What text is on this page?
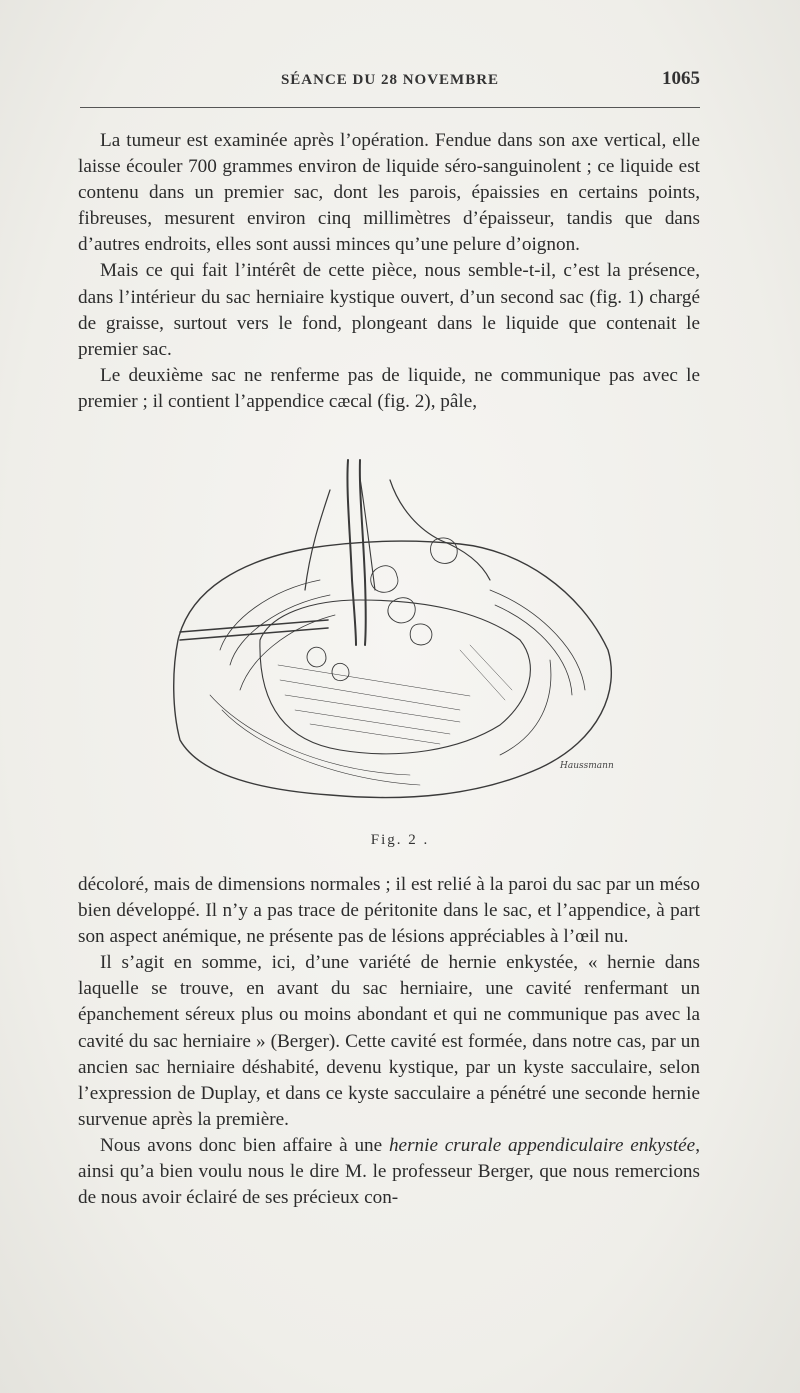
SÉANCE DU 28 NOVEMBRE	1065

La tumeur est examinée après l’opération. Fendue dans son axe vertical, elle laisse écouler 700 grammes environ de liquide séro-sanguinolent ; ce liquide est contenu dans un premier sac, dont les parois, épaissies en certains points, fibreuses, mesurent environ cinq millimètres d’épaisseur, tandis que dans d’autres endroits, elles sont aussi minces qu’une pelure d’oignon.

Mais ce qui fait l’intérêt de cette pièce, nous semble-t-il, c’est la présence, dans l’intérieur du sac herniaire kystique ouvert, d’un second sac (fig. 1) chargé de graisse, surtout vers le fond, plongeant dans le liquide que contenait le premier sac.

Le deuxième sac ne renferme pas de liquide, ne communique pas avec le premier ; il contient l’appendice cæcal (fig. 2), pâle,

Haussmann
Fig. 2 .

décoloré, mais de dimensions normales ; il est relié à la paroi du sac par un méso bien développé. Il n’y a pas trace de péritonite dans le sac, et l’appendice, à part son aspect anémique, ne présente pas de lésions appréciables à l’œil nu.

Il s’agit en somme, ici, d’une variété de hernie enkystée, « hernie dans laquelle se trouve, en avant du sac herniaire, une cavité renfermant un épanchement séreux plus ou moins abondant et qui ne communique pas avec la cavité du sac herniaire » (Berger). Cette cavité est formée, dans notre cas, par un ancien sac herniaire déshabité, devenu kystique, par un kyste sacculaire, selon l’expression de Duplay, et dans ce kyste sacculaire a pénétré une seconde hernie survenue après la première.

Nous avons donc bien affaire à une hernie crurale appendiculaire enkystée, ainsi qu’a bien voulu nous le dire M. le professeur Berger, que nous remercions de nous avoir éclairé de ses précieux con-
